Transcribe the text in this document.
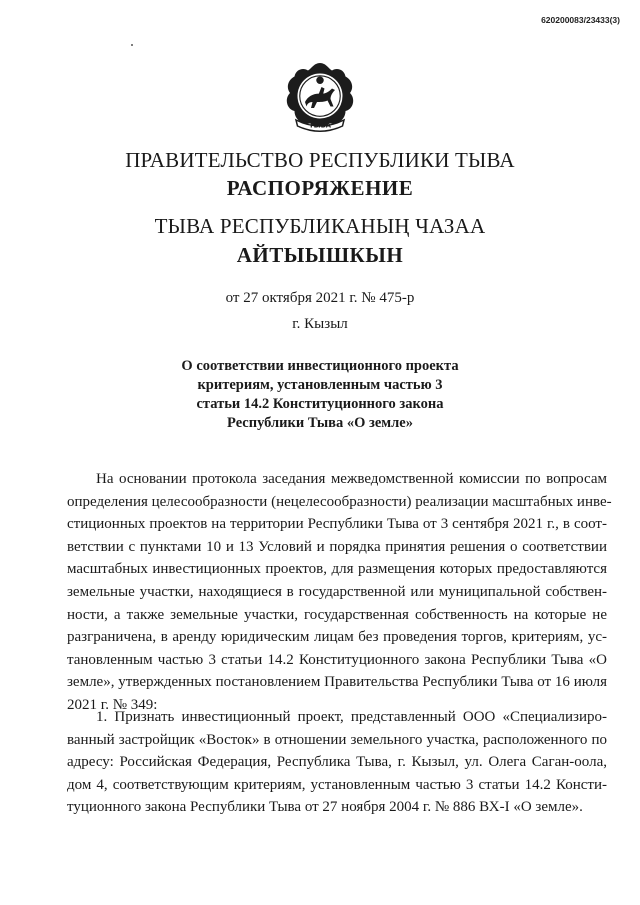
620200083/23433(3)
ТЫВА
ПРАВИТЕЛЬСТВО РЕСПУБЛИКИ ТЫВА
РАСПОРЯЖЕНИЕ
ТЫВА РЕСПУБЛИКАНЫҢ ЧАЗАА
АЙТЫЫШКЫН
от 27 октября 2021 г. № 475-р
г. Кызыл
О соответствии инвестиционного проекта
критериям, установленным частью 3
статьи 14.2 Конституционного закона
Республики Тыва «О земле»
На основании протокола заседания межведомственной комиссии по вопросам
определения целесообразности (нецелесообразности) реализации масштабных инве-
стиционных проектов на территории Республики Тыва от 3 сентября 2021 г., в соот-
ветствии с пунктами 10 и 13 Условий и порядка принятия решения о соответствии
масштабных инвестиционных проектов, для размещения которых предоставляются
земельные участки, находящиеся в государственной или муниципальной собствен-
ности, а также земельные участки, государственная собственность на которые не
разграничена, в аренду юридическим лицам без проведения торгов, критериям, ус-
тановленным частью 3 статьи 14.2 Конституционного закона Республики Тыва «О
земле», утвержденных постановлением Правительства Республики Тыва от 16 июля
2021 г. № 349:
1. Признать инвестиционный проект, представленный ООО «Специализиро-
ванный застройщик «Восток» в отношении земельного участка, расположенного по
адресу: Российская Федерация, Республика Тыва, г. Кызыл, ул. Олега Саган-оола,
дом 4, соответствующим критериям, установленным частью 3 статьи 14.2 Консти-
туционного закона Республики Тыва от 27 ноября 2004 г. № 886 ВХ-I «О земле».
